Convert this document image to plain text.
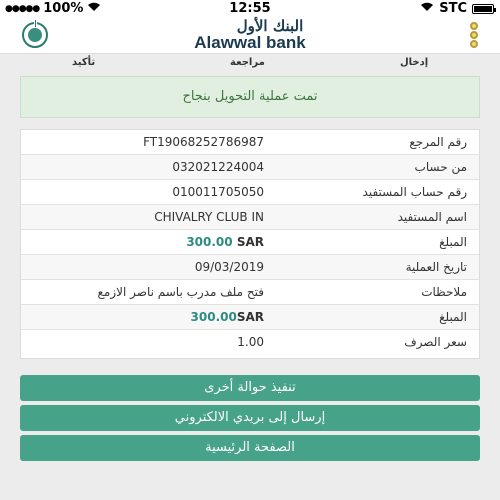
●●●●● 100%	12:55	STC
البنك الأول
Alawwal bank
إدخال
مراجعة
تأكيد
تمت عملية التحويل بنجاح
رقم المرجع
FT19068252786987
من حساب
032021224004
رقم حساب المستفيد
010011705050
اسم المستفيد
CHIVALRY CLUB IN
المبلغ
300.00 SAR
تاريخ العملية
09/03/2019
ملاحظات
فتح ملف مدرب باسم ناصر الازمع
المبلغ
300.00SAR
سعر الصرف
1.00
تنفيذ حوالة أخرى
إرسال إلى بريدي الالكتروني
الصفحة الرئيسية
